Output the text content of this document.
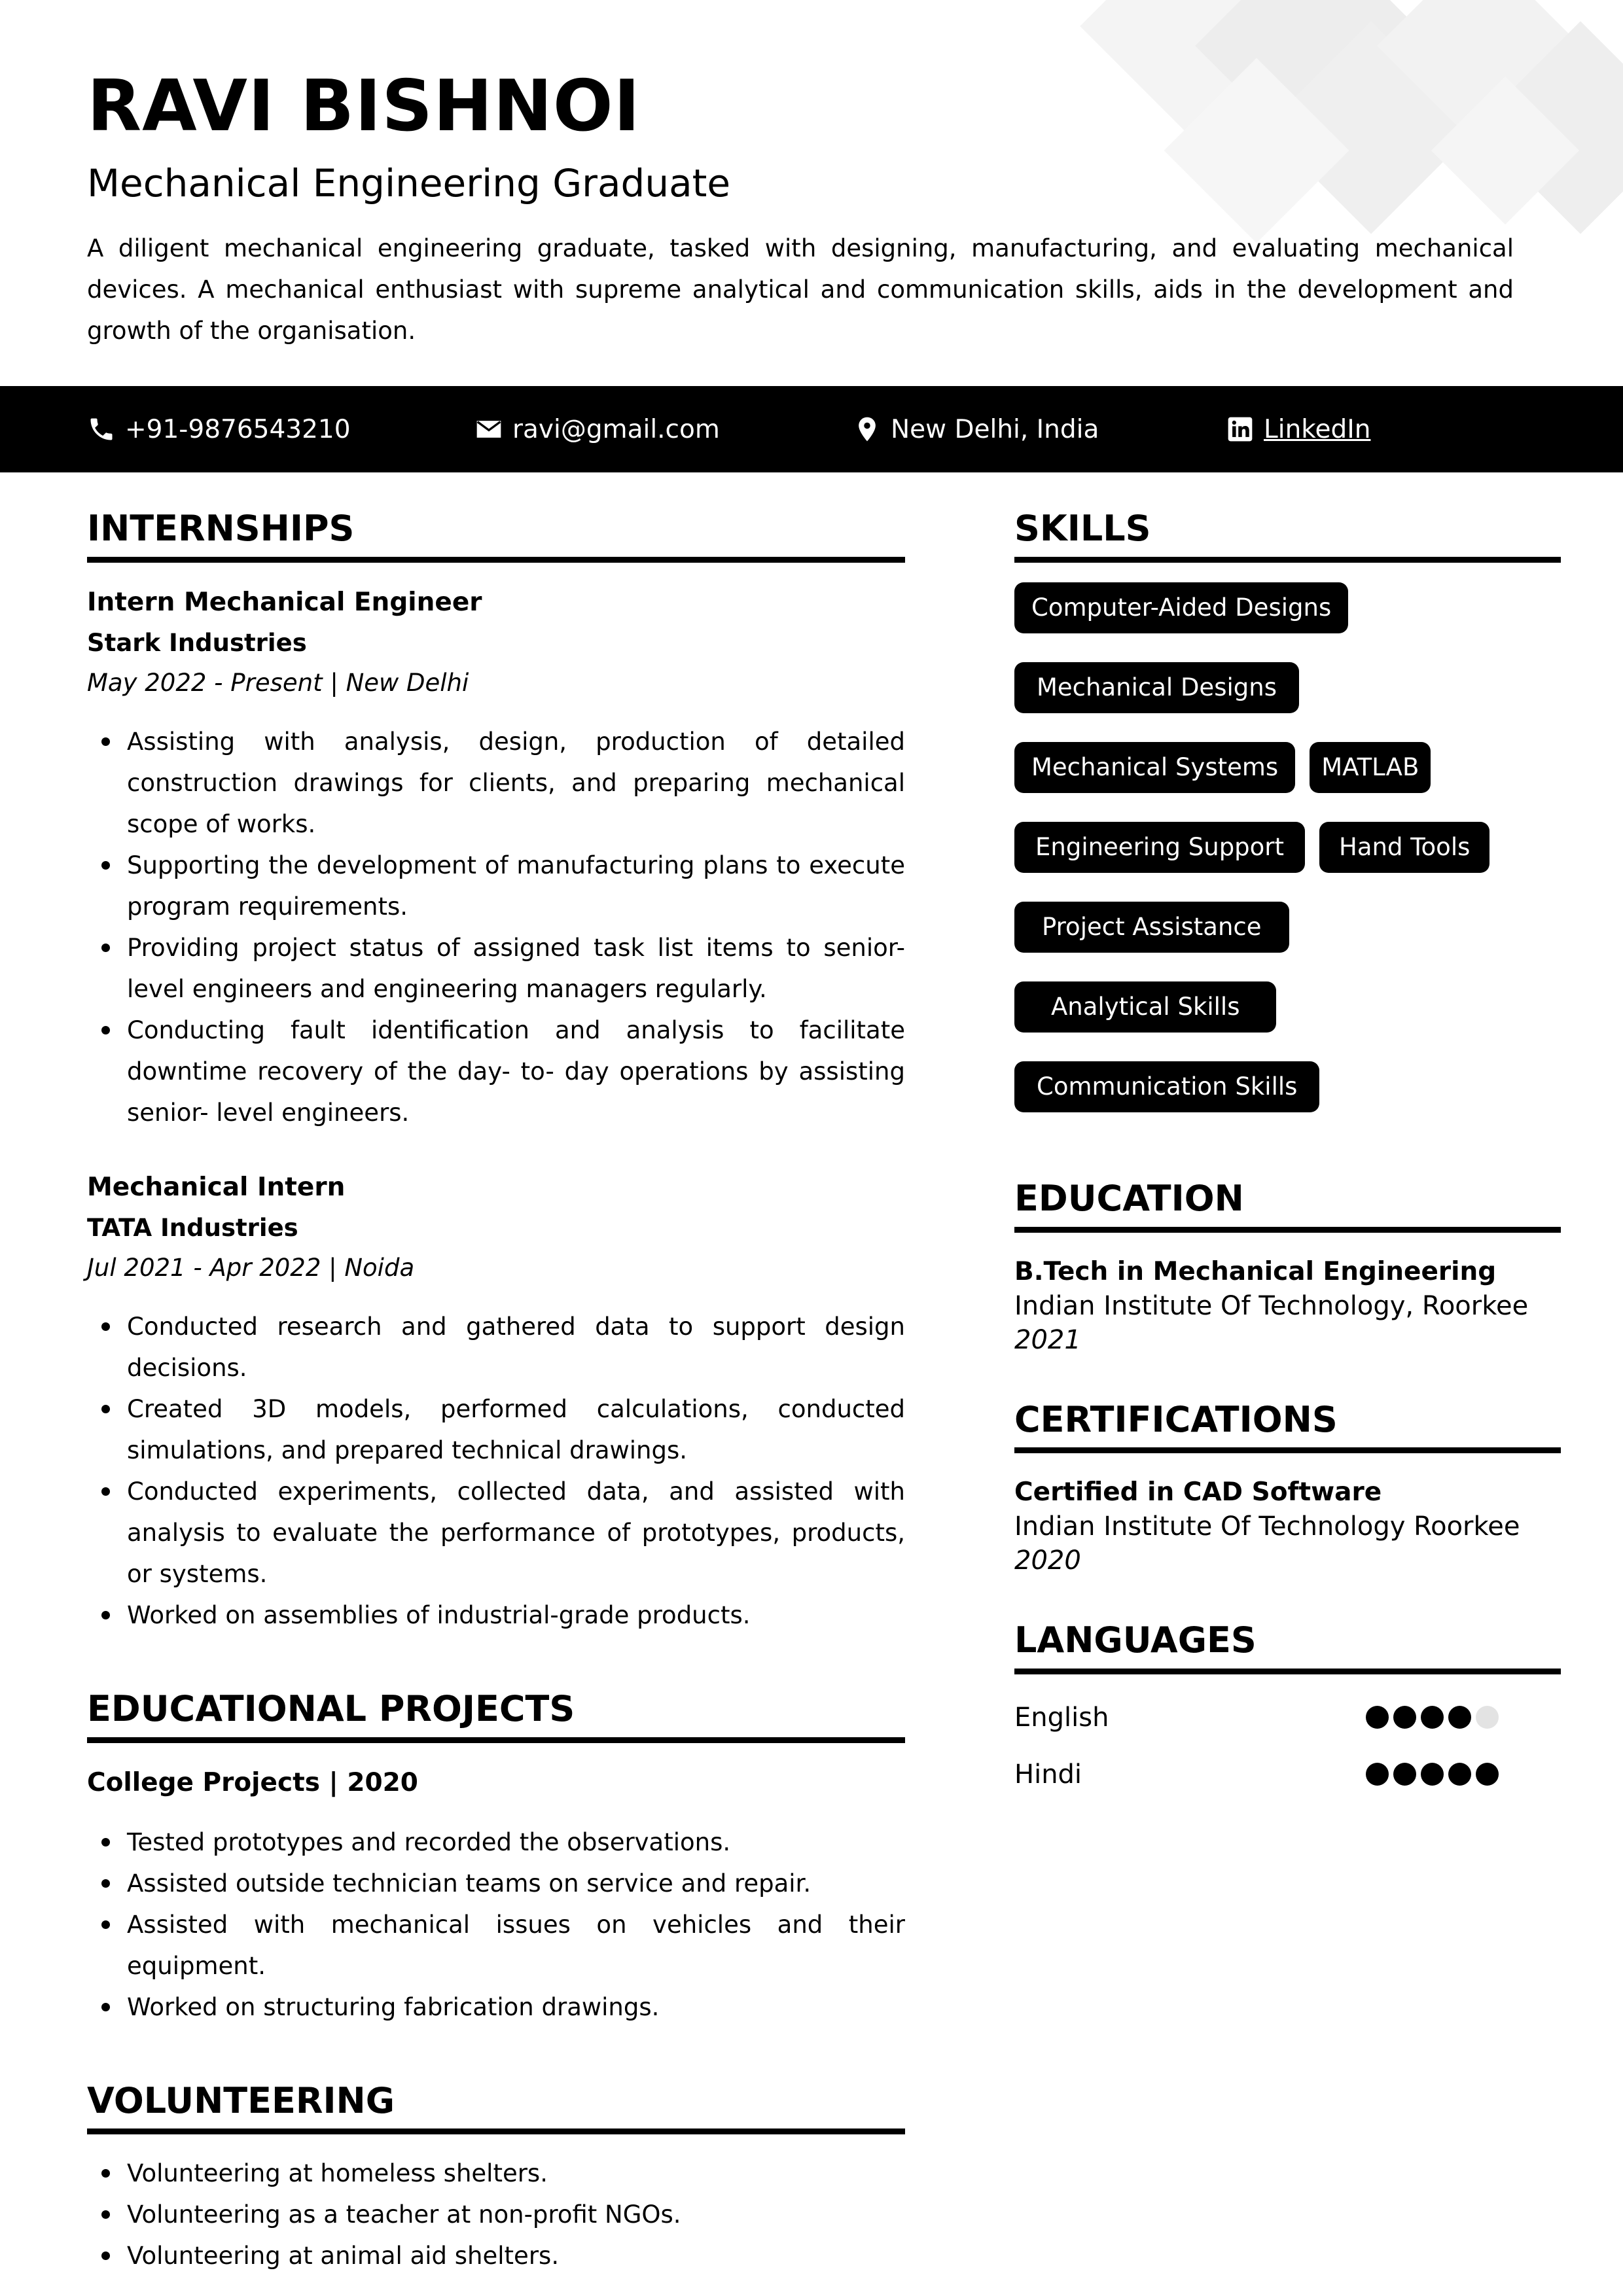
RAVI BISHNOI
Mechanical Engineering Graduate

A diligent mechanical engineering graduate, tasked with designing, manufacturing, and evaluating mechanical devices. A mechanical enthusiast with supreme analytical and communication skills, aids in the development and growth of the organisation.

+91-9876543210	ravi@gmail.com	New Delhi, India	LinkedIn
INTERNSHIPS
Intern Mechanical Engineer
Stark Industries
May 2022 - Present | New Delhi
Assisting with analysis, design, production of detailed construction drawings for clients, and preparing mechanical scope of works.
Supporting the development of manufacturing plans to execute program requirements.
Providing project status of assigned task list items to senior- level engineers and engineering managers regularly.
Conducting fault identification and analysis to facilitate downtime recovery of the day- to- day operations by assisting senior- level engineers.
Mechanical Intern
TATA Industries
Jul 2021 - Apr 2022 | Noida
Conducted research and gathered data to support design decisions.
Created 3D models, performed calculations, conducted simulations, and prepared technical drawings.
Conducted experiments, collected data, and assisted with analysis to evaluate the performance of prototypes, products, or systems.
Worked on assemblies of industrial-grade products.
EDUCATIONAL PROJECTS
College Projects | 2020
Tested prototypes and recorded the observations.
Assisted outside technician teams on service and repair.
Assisted with mechanical issues on vehicles and their equipment.
Worked on structuring fabrication drawings.
VOLUNTEERING
Volunteering at homeless shelters.
Volunteering as a teacher at non-profit NGOs.
Volunteering at animal aid shelters.
SKILLS
Computer-Aided Designs
Mechanical Designs
Mechanical Systems	MATLAB
Engineering Support	Hand Tools
Project Assistance
Analytical Skills
Communication Skills
EDUCATION
B.Tech in Mechanical Engineering
Indian Institute Of Technology, Roorkee
2021
CERTIFICATIONS
Certified in CAD Software
Indian Institute Of Technology Roorkee
2020
LANGUAGES
English
Hindi
